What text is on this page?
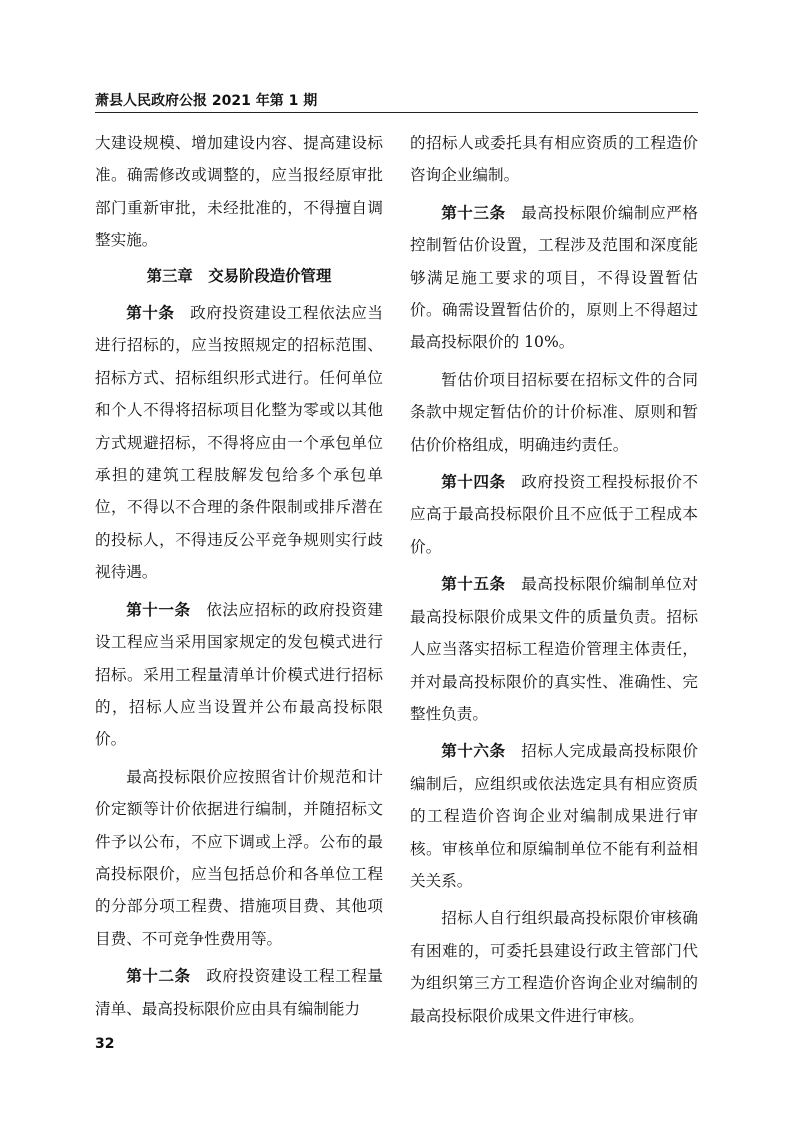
萧县人民政府公报 2021 年第 1 期

大建设规模、增加建设内容、提高建设标准。确需修改或调整的，应当报经原审批部门重新审批，未经批准的，不得擅自调整实施。

第三章　交易阶段造价管理

第十条 政府投资建设工程依法应当进行招标的，应当按照规定的招标范围、招标方式、招标组织形式进行。任何单位和个人不得将招标项目化整为零或以其他方式规避招标，不得将应由一个承包单位承担的建筑工程肢解发包给多个承包单位，不得以不合理的条件限制或排斥潜在的投标人，不得违反公平竞争规则实行歧视待遇。

第十一条 依法应招标的政府投资建设工程应当采用国家规定的发包模式进行招标。采用工程量清单计价模式进行招标的，招标人应当设置并公布最高投标限价。

最高投标限价应按照省计价规范和计价定额等计价依据进行编制，并随招标文件予以公布，不应下调或上浮。公布的最高投标限价，应当包括总价和各单位工程的分部分项工程费、措施项目费、其他项目费、不可竞争性费用等。

第十二条 政府投资建设工程工程量清单、最高投标限价应由具有编制能力

的招标人或委托具有相应资质的工程造价咨询企业编制。

第十三条 最高投标限价编制应严格控制暂估价设置，工程涉及范围和深度能够满足施工要求的项目，不得设置暂估价。确需设置暂估价的，原则上不得超过最高投标限价的 10%。

暂估价项目招标要在招标文件的合同条款中规定暂估价的计价标准、原则和暂估价价格组成，明确违约责任。

第十四条 政府投资工程投标报价不应高于最高投标限价且不应低于工程成本价。

第十五条 最高投标限价编制单位对最高投标限价成果文件的质量负责。招标人应当落实招标工程造价管理主体责任，并对最高投标限价的真实性、准确性、完整性负责。

第十六条 招标人完成最高投标限价编制后，应组织或依法选定具有相应资质的工程造价咨询企业对编制成果进行审核。审核单位和原编制单位不能有利益相关关系。

招标人自行组织最高投标限价审核确有困难的，可委托县建设行政主管部门代为组织第三方工程造价咨询企业对编制的最高投标限价成果文件进行审核。

32
